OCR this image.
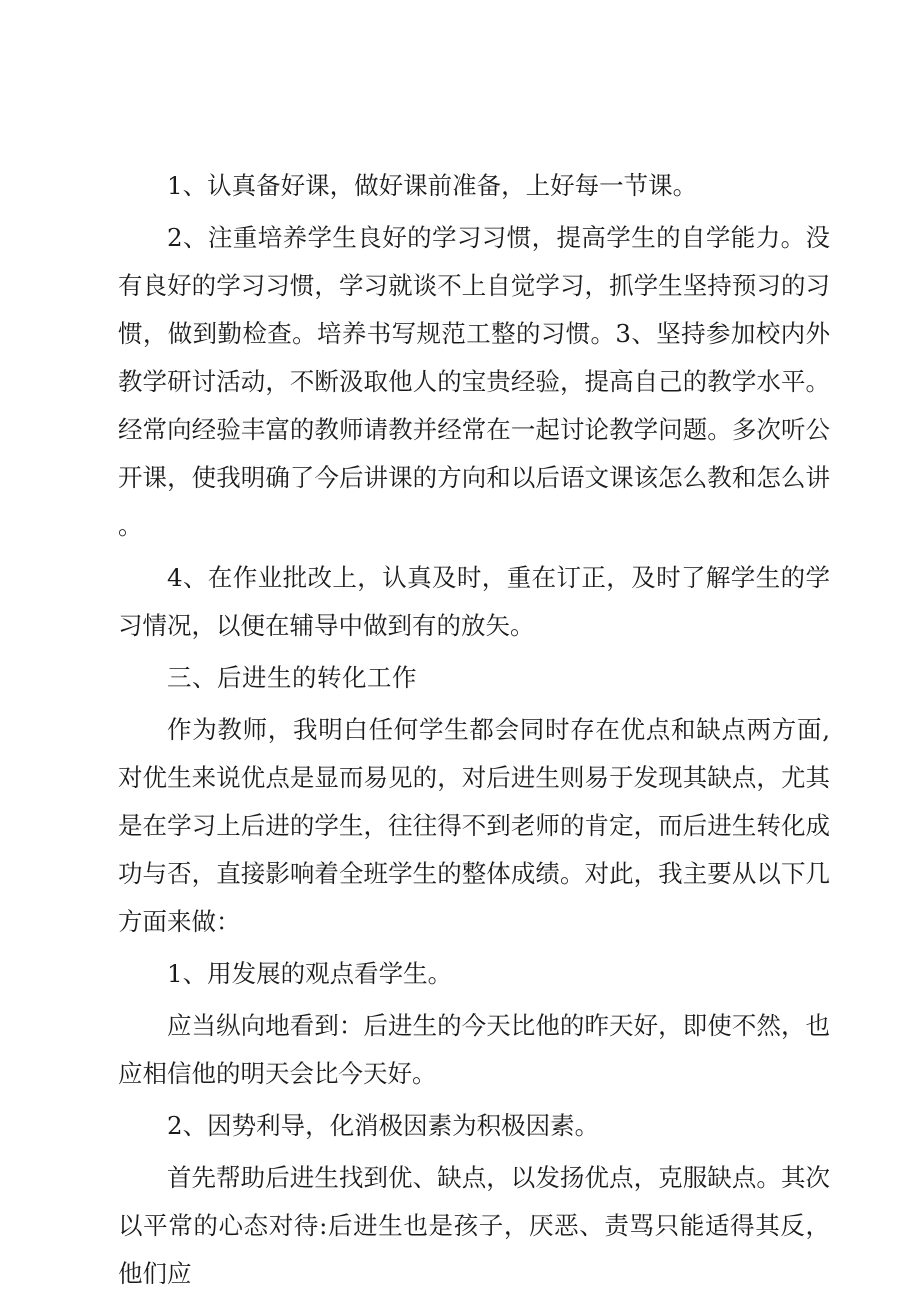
1、认真备好课，做好课前准备，上好每一节课。

2、注重培养学生良好的学习习惯，提高学生的自学能力。没有良好的学习习惯，学习就谈不上自觉学习，抓学生坚持预习的习惯，做到勤检查。培养书写规范工整的习惯。3、坚持参加校内外教学研讨活动，不断汲取他人的宝贵经验，提高自己的教学水平。经常向经验丰富的教师请教并经常在一起讨论教学问题。多次听公开课，使我明确了今后讲课的方向和以后语文课该怎么教和怎么讲。

4、在作业批改上，认真及时，重在订正，及时了解学生的学习情况，以便在辅导中做到有的放矢。

三、后进生的转化工作

作为教师，我明白任何学生都会同时存在优点和缺点两方面,对优生来说优点是显而易见的，对后进生则易于发现其缺点，尤其是在学习上后进的学生，往往得不到老师的肯定，而后进生转化成功与否，直接影响着全班学生的整体成绩。对此，我主要从以下几方面来做：

1、用发展的观点看学生。

应当纵向地看到：后进生的今天比他的昨天好，即使不然，也应相信他的明天会比今天好。

2、因势利导，化消极因素为积极因素。

首先帮助后进生找到优、缺点，以发扬优点，克服缺点。其次以平常的心态对待:后进生也是孩子，厌恶、责骂只能适得其反，他们应
